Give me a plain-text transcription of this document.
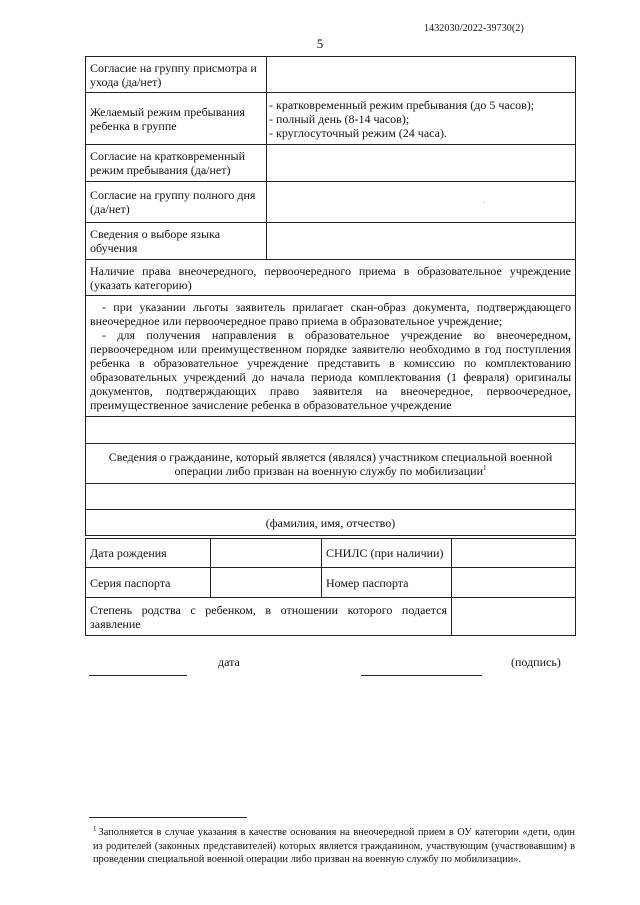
1432030/2022-39730(2)
5
Согласие на группу присмотра и ухода (да/нет)	
Желаемый режим пребывания ребенка в группе	- кратковременный режим пребывания (до 5 часов);
- полный день (8-14 часов);
- круглосуточный режим (24 часа).

Согласие на кратковременный режим пребывания (да/нет)	
Согласие на группу полного дня (да/нет)	
Сведения о выборе языка обучения	
Наличие права внеочередного, первоочередного приема в образовательное учреждение (указать категорию)	

- при указании льготы заявитель прилагает скан-образ документа, подтверждающего внеочередное или первоочередное право приема в образовательное учреждение;
- для получения направления в образовательное учреждение во внеочередном, первоочередном или преимущественном порядке заявителю необходимо в год поступления ребенка в образовательное учреждение представить в комиссию по комплектованию образовательных учреждений до начала периода комплектования (1 февраля) оригиналы документов, подтверждающих право заявителя на внеочередное, первоочередное, преимущественное зачисление ребенка в образовательное учреждение	

Сведения о гражданине, который является (являлся) участником специальной военной операции либо призван на военную службу по мобилизации$^1$

(фамилия, имя, отчество)	
Дата рождения		СНИЛС (при наличии)	
Серия паспорта		Номер паспорта	
Степень родства с ребенком, в отношении которого подается заявление			
дата	(подпись)
·
$^1$ Заполняется в случае указания в качестве основания на внеочередной прием в ОУ категории «дети, один из родителей (законных представителей) которых является гражданином, участвующим (участвовавшим) в проведении специальной военной операции либо призван на военную службу по мобилизации».
